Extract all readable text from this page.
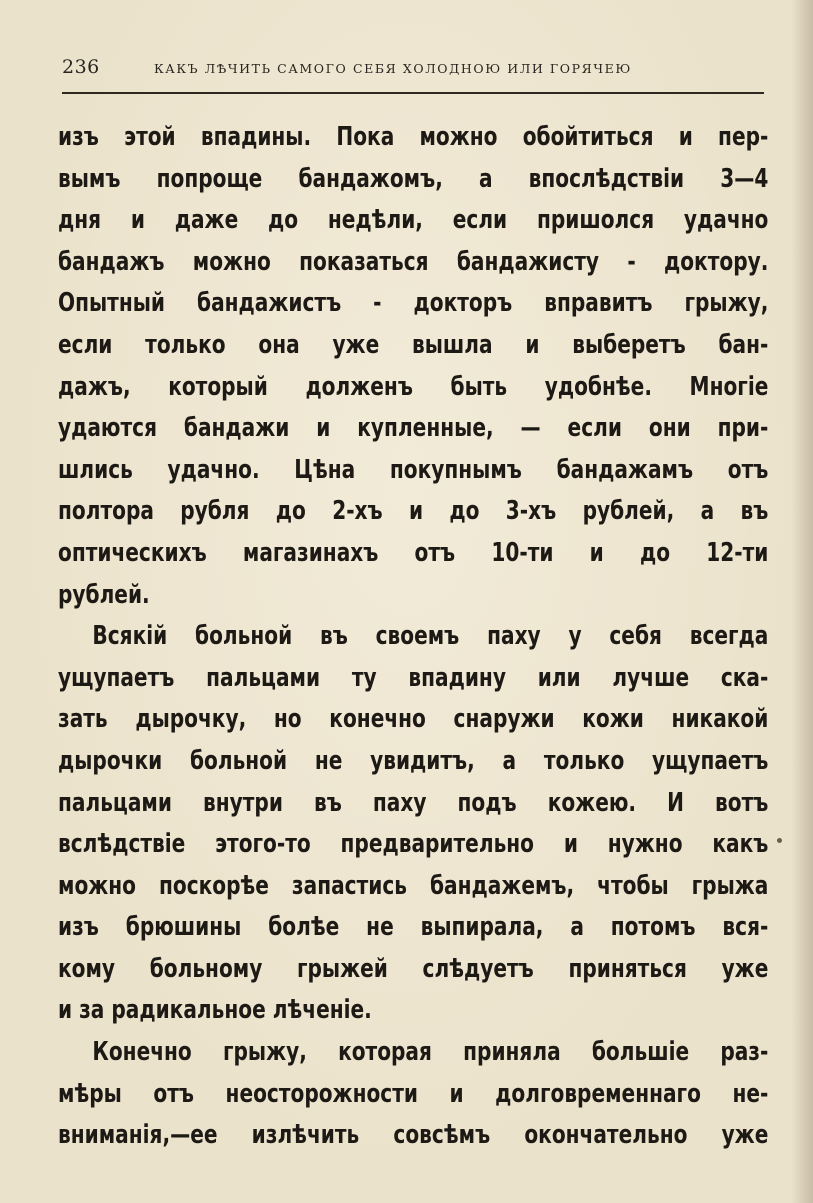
236	КАКЪ ЛѢЧИТЬ САМОГО СЕБЯ ХОЛОДНОЮ ИЛИ ГОРЯЧЕЮ
изъ этой впадины. Пока можно обойтиться и пер-
вымъ попроще бандажомъ, а впослѣдствіи 3—4
дня и даже до недѣли, если пришолся удачно
бандажъ можно показаться бандажисту - доктору.
Опытный бандажистъ - докторъ вправитъ грыжу,
если только она уже вышла и выберетъ бан-
дажъ, который долженъ быть удобнѣе. Многіе
удаются бандажи и купленные, — если они при-
шлись удачно. Цѣна покупнымъ бандажамъ отъ
полтора рубля до 2-хъ и до 3-хъ рублей, а въ
оптическихъ магазинахъ отъ 10-ти и до 12-ти
рублей.
Всякій больной въ своемъ паху у себя всегда
ущупаетъ пальцами ту впадину или лучше ска-
зать дырочку, но конечно снаружи кожи никакой
дырочки больной не увидитъ, а только ущупаетъ
пальцами внутри въ паху подъ кожею. И вотъ
вслѣдствіе этого-то предварительно и нужно какъ
можно поскорѣе запастись бандажемъ, чтобы грыжа
изъ брюшины болѣе не выпирала, а потомъ вся-
кому больному грыжей слѣдуетъ приняться уже
и за радикальное лѣченіе.
Конечно грыжу, которая приняла большіе раз-
мѣры отъ неосторожности и долговременнаго не-
вниманія,—ее излѣчить совсѣмъ окончательно уже
